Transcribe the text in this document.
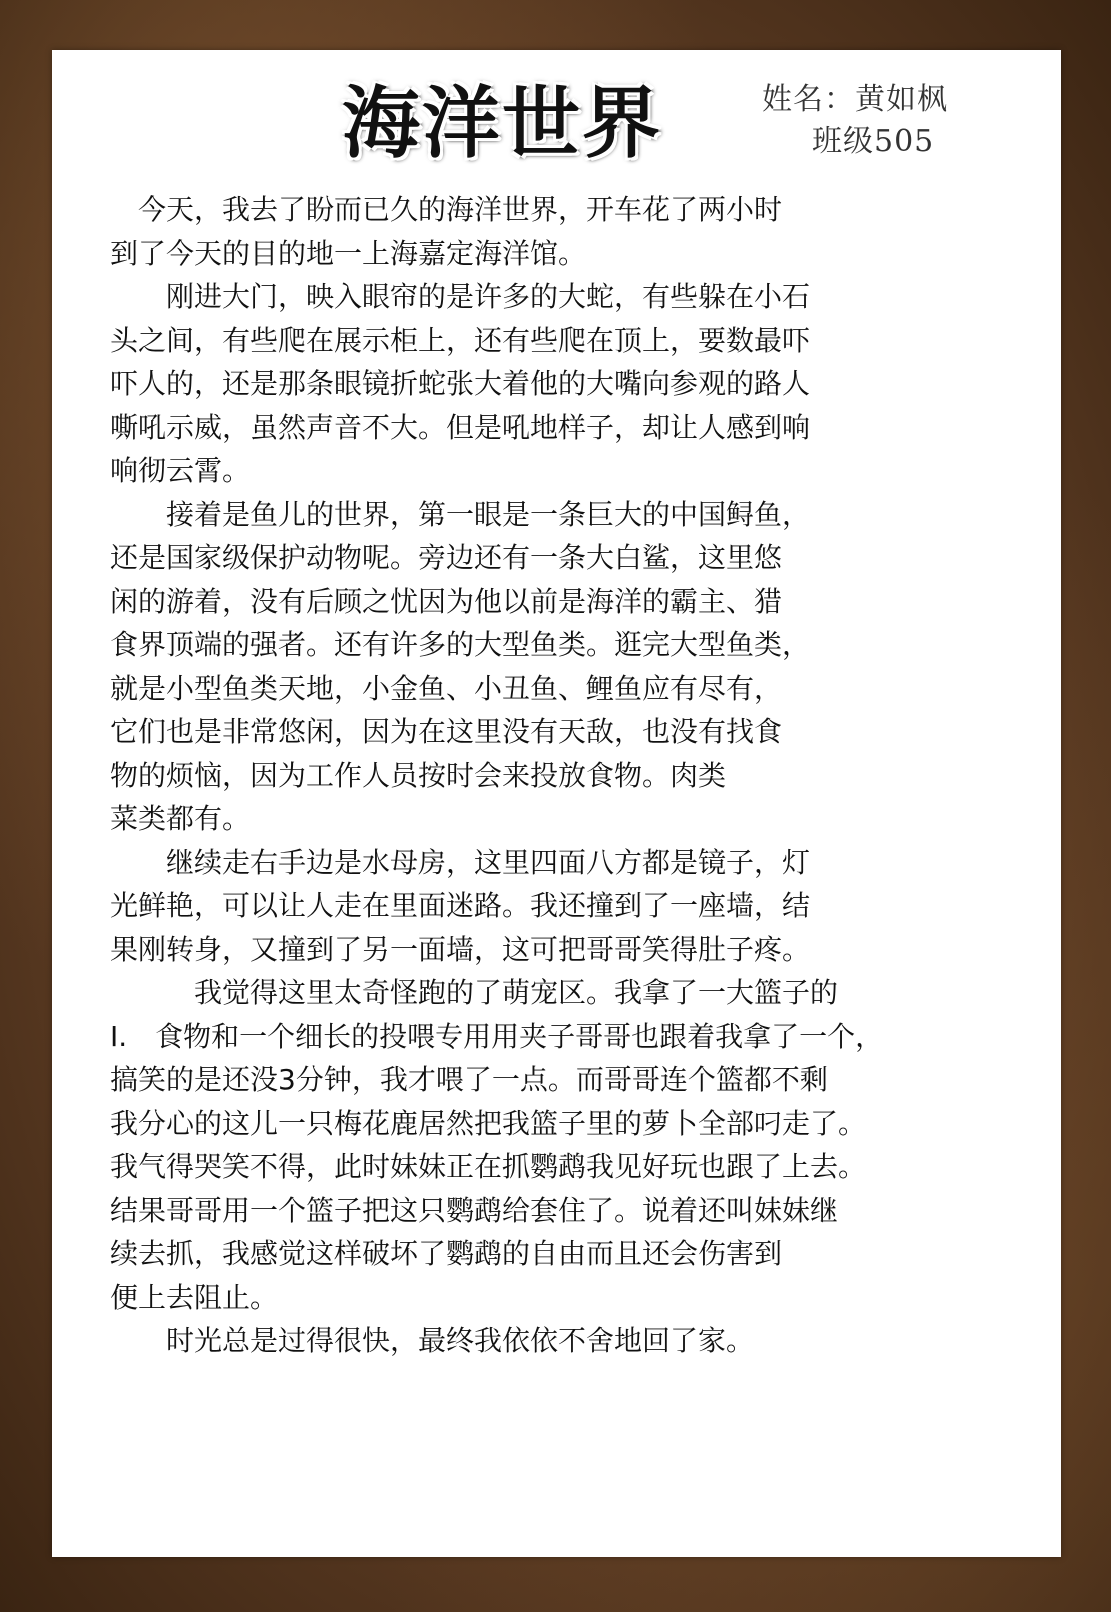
海洋世界	姓名：黄如枫
班级505
　今天，我去了盼而已久的海洋世界，开车花了两小时
到了今天的目的地一上海嘉定海洋馆。
　　刚进大门，映入眼帘的是许多的大蛇，有些躲在小石
头之间，有些爬在展示柜上，还有些爬在顶上，要数最吓
吓人的，还是那条眼镜折蛇张大着他的大嘴向参观的路人
嘶吼示威，虽然声音不大。但是吼地样子，却让人感到响
响彻云霄。
　　接着是鱼儿的世界，第一眼是一条巨大的中国鲟鱼，
还是国家级保护动物呢。旁边还有一条大白鲨，这里悠
闲的游着，没有后顾之忧因为他以前是海洋的霸主、猎
食界顶端的强者。还有许多的大型鱼类。逛完大型鱼类，
就是小型鱼类天地，小金鱼、小丑鱼、鲤鱼应有尽有，
它们也是非常悠闲，因为在这里没有天敌，也没有找食
物的烦恼，因为工作人员按时会来投放食物。肉类
菜类都有。
　　继续走右手边是水母房，这里四面八方都是镜子，灯
光鲜艳，可以让人走在里面迷路。我还撞到了一座墙，结
果刚转身，又撞到了另一面墙，这可把哥哥笑得肚子疼。
　　　我觉得这里太奇怪跑的了萌宠区。我拿了一大篮子的
I.　食物和一个细长的投喂专用用夹子哥哥也跟着我拿了一个，
搞笑的是还没3分钟，我才喂了一点。而哥哥连个篮都不剩
我分心的这儿一只梅花鹿居然把我篮子里的萝卜全部叼走了。
我气得哭笑不得，此时妹妹正在抓鹦鹉我见好玩也跟了上去。
结果哥哥用一个篮子把这只鹦鹉给套住了。说着还叫妹妹继
续去抓，我感觉这样破坏了鹦鹉的自由而且还会伤害到
便上去阻止。
　　时光总是过得很快，最终我依依不舍地回了家。
